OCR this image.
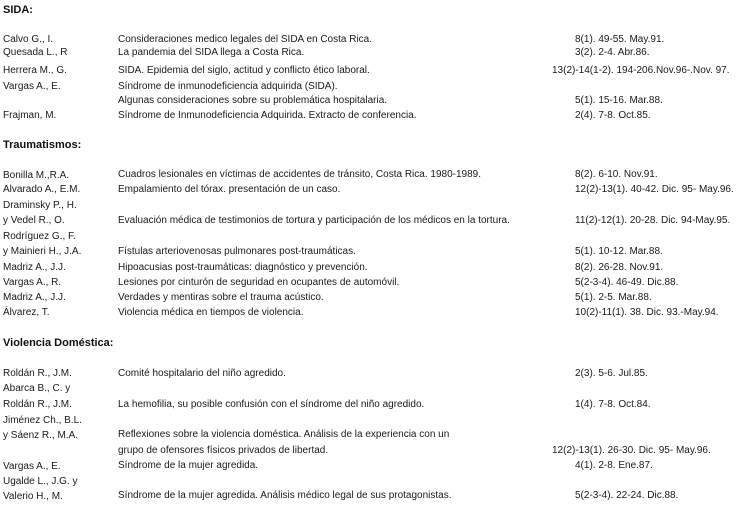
SIDA:
Calvo G., I.	Consideraciones medico legales del SIDA en Costa Rica.	8(1). 49-55. May.91.
Quesada L., R	La pandemia del SIDA llega a Costa Rica.	3(2). 2-4. Abr.86.
Herrera M., G.	SIDA. Epidemia del siglo, actitud y conflicto ético laboral.	13(2)-14(1-2). 194-206.Nov.96-.Nov. 97.
Vargas A., E.	Síndrome de inmunodeficiencia adquirida (SIDA).
Algunas consideraciones sobre su problemática hospitalaria.	5(1). 15-16. Mar.88.
Frajman, M.	Síndrome de Inmunodeficiencia Adquirida. Extracto de conferencia.	2(4). 7-8. Oct.85.
Traumatismos:
Bonilla M.,R.A.	Cuadros lesionales en víctimas de accidentes de tránsito, Costa Rica. 1980-1989.	8(2). 6-10. Nov.91.
Alvarado A., E.M.	Empalamiento del tórax. presentación de un caso.	12(2)-13(1). 40-42. Dic. 95- May.96.
Draminsky P., H.
y Vedel R., O.	Evaluación médica de testimonios de tortura y participación de los médicos en la tortura.	11(2)-12(1). 20-28. Dic. 94-May.95.
Rodríguez G., F.
y Mainieri H., J.A.	Fístulas arteriovenosas pulmonares post-traumáticas.	5(1). 10-12. Mar.88.
Madriz A., J.J.	Hipoacusias post-traumáticas: diagnóstico y prevención.	8(2). 26-28. Nov.91.
Vargas A., R.	Lesiones por cinturón de seguridad en ocupantes de automóvil.	5(2-3-4). 46-49. Dic.88.
Madriz A., J.J.	Verdades y mentiras sobre el trauma acústico.	5(1). 2-5. Mar.88.
Álvarez, T.	Violencia médica en tiempos de violencia.	10(2)-11(1). 38. Dic. 93.-May.94.
Violencia Doméstica:
Roldán R., J.M.	Comité hospitalario del niño agredido.	2(3). 5-6. Jul.85.
Abarca B., C. y
Roldán R., J.M.	La hemofilia, su posible confusión con el síndrome del niño agredido.	1(4). 7-8. Oct.84.
Jiménez Ch., B.L.
y Sáenz R., M.A.	Reflexiones sobre la violencia doméstica. Análisis de la experiencia con un
grupo de ofensores físicos privados de libertad.	12(2)-13(1). 26-30. Dic. 95- May.96.
Vargas A., E.	Síndrome de la mujer agredida.	4(1). 2-8. Ene.87.
Ugalde L., J.G. y
Valerio H., M.	Síndrome de la mujer agredida. Análisis médico legal de sus protagonistas.	5(2-3-4). 22-24. Dic.88.
